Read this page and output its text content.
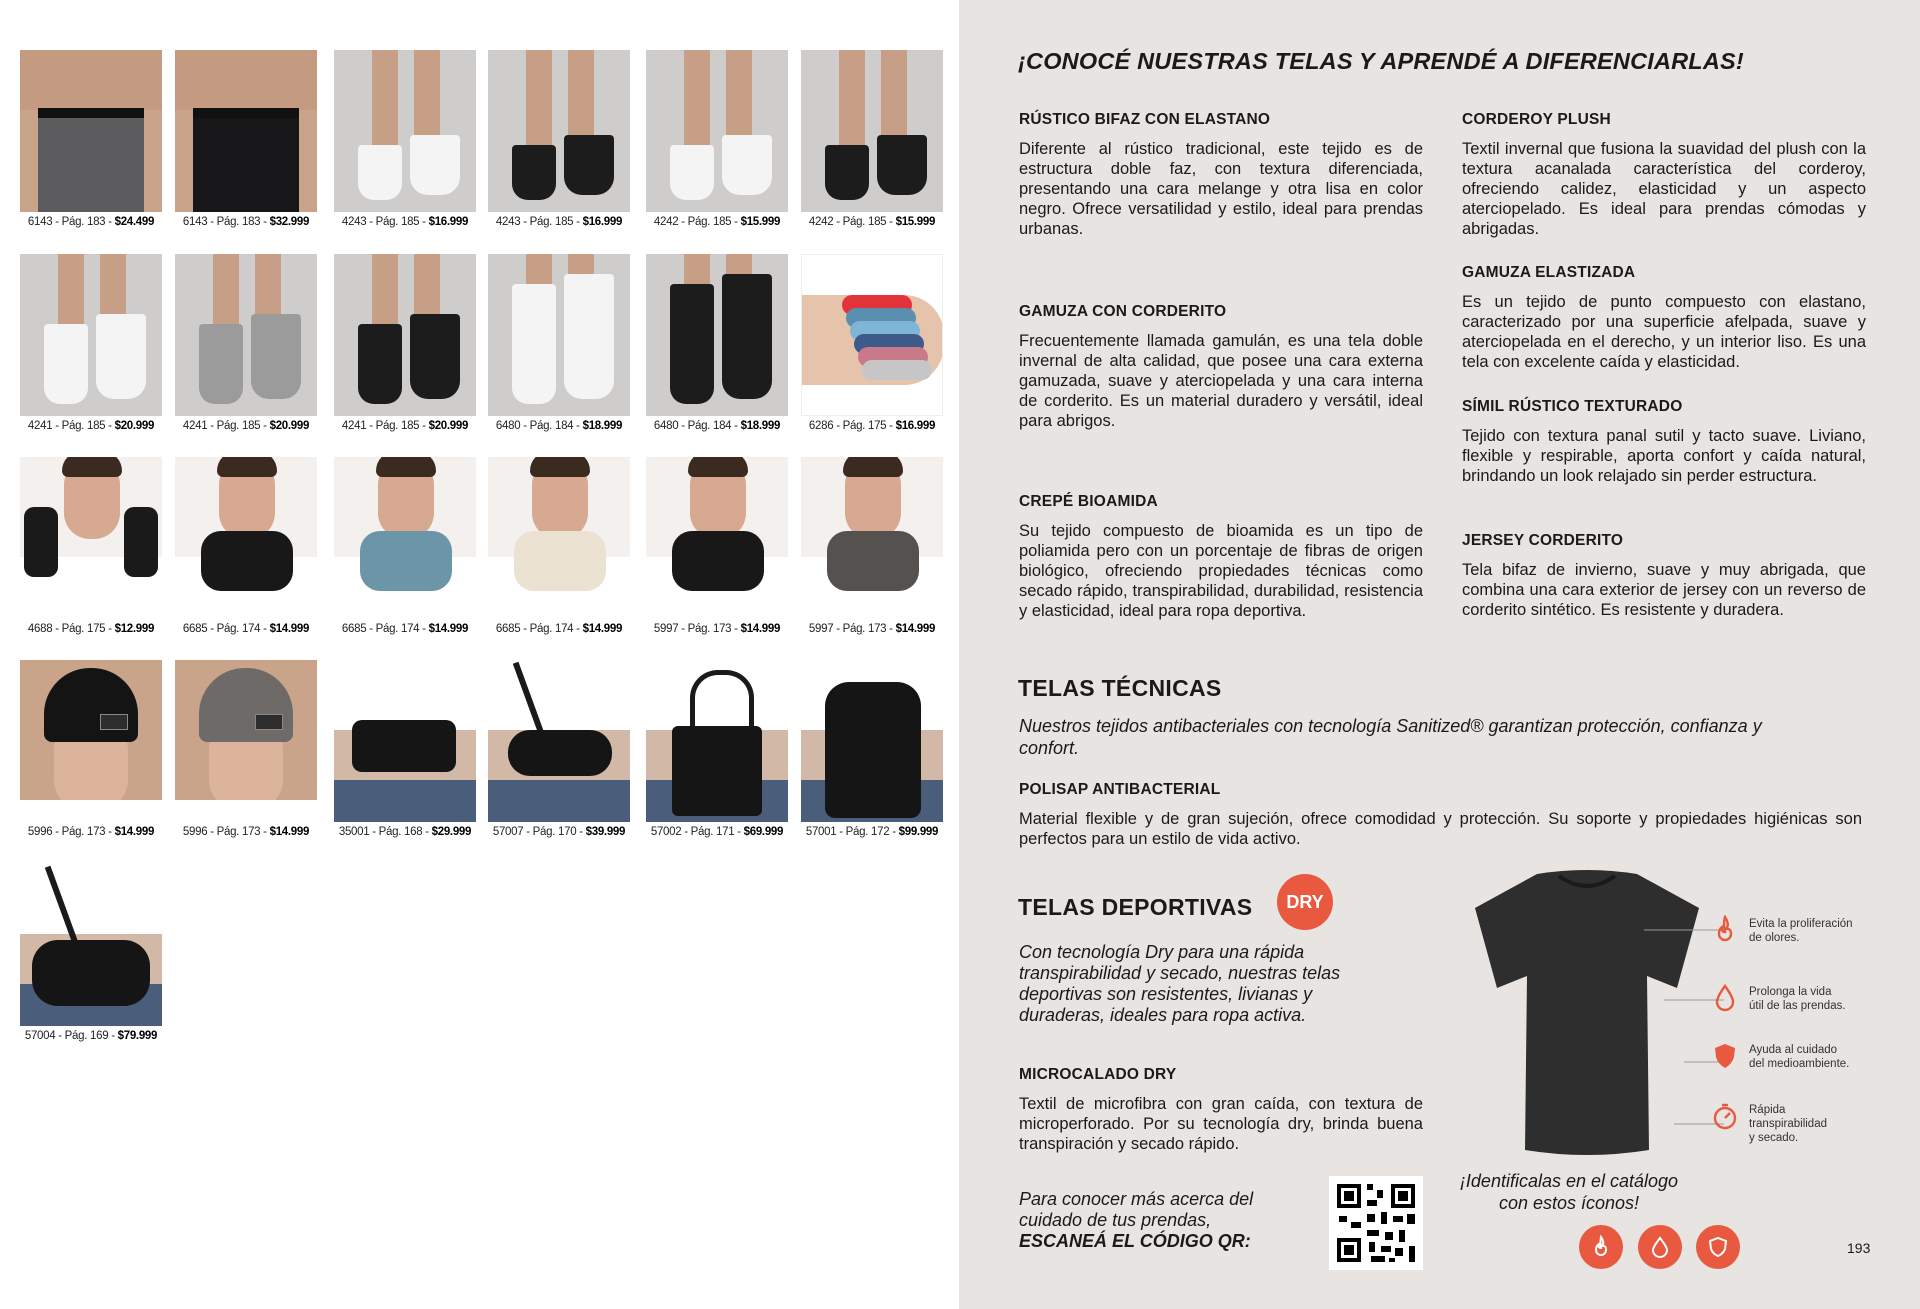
6143 - Pág. 183 - $24.499	6143 - Pág. 183 - $32.999	4243 - Pág. 185 - $16.999	4243 - Pág. 185 - $16.999	4242 - Pág. 185 - $15.999	4242 - Pág. 185 - $15.999
4241 - Pág. 185 - $20.999	4241 - Pág. 185 - $20.999	4241 - Pág. 185 - $20.999	6480 - Pág. 184 - $18.999	6480 - Pág. 184 - $18.999	6286 - Pág. 175 - $16.999
4688 - Pág. 175 - $12.999	6685 - Pág. 174 - $14.999	6685 - Pág. 174 - $14.999	6685 - Pág. 174 - $14.999	5997 - Pág. 173 - $14.999	5997 - Pág. 173 - $14.999
5996 - Pág. 173 - $14.999	5996 - Pág. 173 - $14.999	35001 - Pág. 168 - $29.999	57007 - Pág. 170 - $39.999	57002 - Pág. 171 - $69.999	57001 - Pág. 172 - $99.999
57004 - Pág. 169 - $79.999
¡CONOCÉ NUESTRAS TELAS Y APRENDÉ A DIFERENCIARLAS!
RÚSTICO BIFAZ CON ELASTANO
Diferente al rústico tradicional, este tejido es de estructura doble faz, con textura diferenciada, presentando una cara melange y otra lisa en color negro. Ofrece versatilidad y estilo, ideal para prendas urbanas.
GAMUZA CON CORDERITO
Frecuentemente llamada gamulán, es una tela doble invernal de alta calidad, que posee una cara externa gamuzada, suave y aterciopelada y una cara interna de corderito. Es un material duradero y versátil, ideal para abrigos.
CREPÉ BIOAMIDA
Su tejido compuesto de bioamida es un tipo de poliamida pero con un porcentaje de fibras de origen biológico, ofreciendo propiedades técnicas como secado rápido, transpirabilidad, durabilidad, resistencia y elasticidad, ideal para ropa deportiva.
CORDEROY PLUSH
Textil invernal que fusiona la suavidad del plush con la textura acanalada característica del corderoy, ofreciendo calidez, elasticidad y un aspecto aterciopelado. Es ideal para prendas cómodas y abrigadas.
GAMUZA ELASTIZADA
Es un tejido de punto compuesto con elastano, caracterizado por una superficie afelpada, suave y aterciopelada en el derecho, y un interior liso. Es una tela con excelente caída y elasticidad.
SÍMIL RÚSTICO TEXTURADO
Tejido con textura panal sutil y tacto suave. Liviano, flexible y respirable, aporta confort y caída natural, brindando un look relajado sin perder estructura.
JERSEY CORDERITO
Tela bifaz de invierno, suave y muy abrigada, que combina una cara exterior de jersey con un reverso de corderito sintético. Es resistente y duradera.
TELAS TÉCNICAS
Nuestros tejidos antibacteriales con tecnología Sanitized® garantizan protección, confianza y confort.
POLISAP ANTIBACTERIAL
Material flexible y de gran sujeción, ofrece comodidad y protección. Su soporte y propiedades higiénicas son perfectos para un estilo de vida activo.
TELAS DEPORTIVAS DRY
Con tecnología Dry para una rápida transpirabilidad y secado, nuestras telas deportivas son resistentes, livianas y duraderas, ideales para ropa activa.
MICROCALADO DRY
Textil de microfibra con gran caída, con textura de microperforado. Por su tecnología dry, brinda buena transpiración y secado rápido.
Para conocer más acerca del
cuidado de tus prendas,
ESCANEÁ EL CÓDIGO QR:
¡Identificalas en el catálogo
con estos íconos!
193
Evita la proliferación
de olores.
Prolonga la vida
útil de las prendas.
Ayuda al cuidado
del medioambiente.
Rápida
transpirabilidad
y secado.
